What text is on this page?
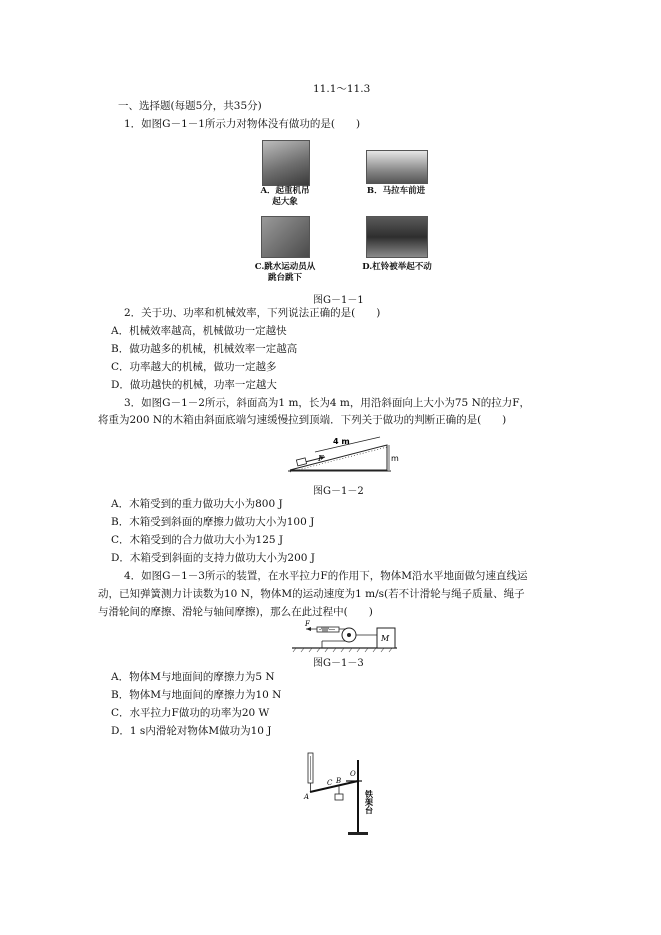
11.1～11.3
一、选择题(每题5分，共35分)
1．如图G－1－1所示力对物体没有做功的是(　　)
A．起重机吊
起大象
B．马拉车前进
C.跳水运动员从
跳台跳下
D.杠铃被举起不动
图G－1－1
2．关于功、功率和机械效率，下列说法正确的是(　　)
A．机械效率越高，机械做功一定越快
B．做功越多的机械，机械效率一定越高
C．功率越大的机械，做功一定越多
D．做功越快的机械，功率一定越大
3．如图G－1－2所示，斜面高为1 m，长为4 m，用沿斜面向上大小为75 N的拉力F，
将重为200 N的木箱由斜面底端匀速缓慢拉到顶端．下列关于做功的判断正确的是(　　)
4 m
F	m
图G－1－2
A．木箱受到的重力做功大小为800 J
B．木箱受到斜面的摩擦力做功大小为100 J
C．木箱受到的合力做功大小为125 J
D．木箱受到斜面的支持力做功大小为200 J
4．如图G－1－3所示的装置，在水平拉力F的作用下，物体M沿水平地面做匀速直线运
动，已知弹簧测力计读数为10 N，物体M的运动速度为1 m/s(若不计滑轮与绳子质量、绳子
与滑轮间的摩擦、滑轮与轴间摩擦)，那么在此过程中(　　)
F
M
图G－1－3
A．物体M与地面间的摩擦力为5 N
B．物体M与地面间的摩擦力为10 N
C．水平拉力F做功的功率为20 W
D．1 s内滑轮对物体M做功为10 J
A
C B
O
铁架台
